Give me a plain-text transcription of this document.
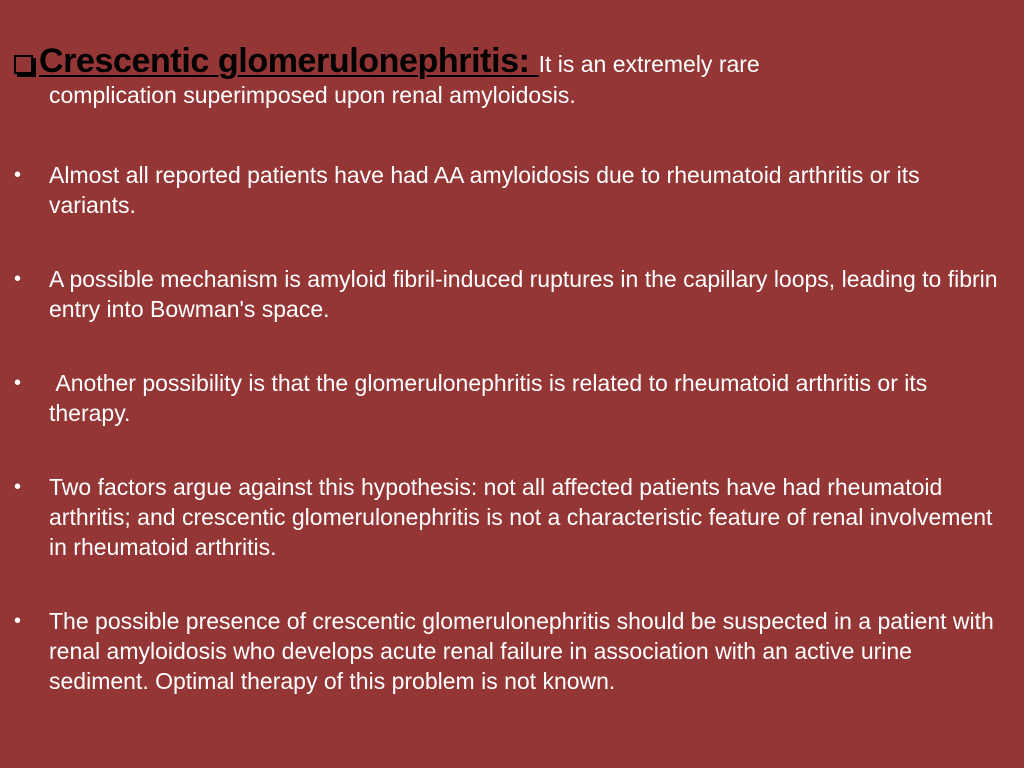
Crescentic glomerulonephritis: It is an extremely rare
complication superimposed upon renal amyloidosis.
• Almost all reported patients have had AA amyloidosis due to rheumatoid arthritis or its variants.
• A possible mechanism is amyloid fibril-induced ruptures in the capillary loops, leading to fibrin entry into Bowman's space.
• Another possibility is that the glomerulonephritis is related to rheumatoid arthritis or its therapy.
• Two factors argue against this hypothesis: not all affected patients have had rheumatoid arthritis; and crescentic glomerulonephritis is not a characteristic feature of renal involvement in rheumatoid arthritis.
• The possible presence of crescentic glomerulonephritis should be suspected in a patient with renal amyloidosis who develops acute renal failure in association with an active urine sediment. Optimal therapy of this problem is not known.
